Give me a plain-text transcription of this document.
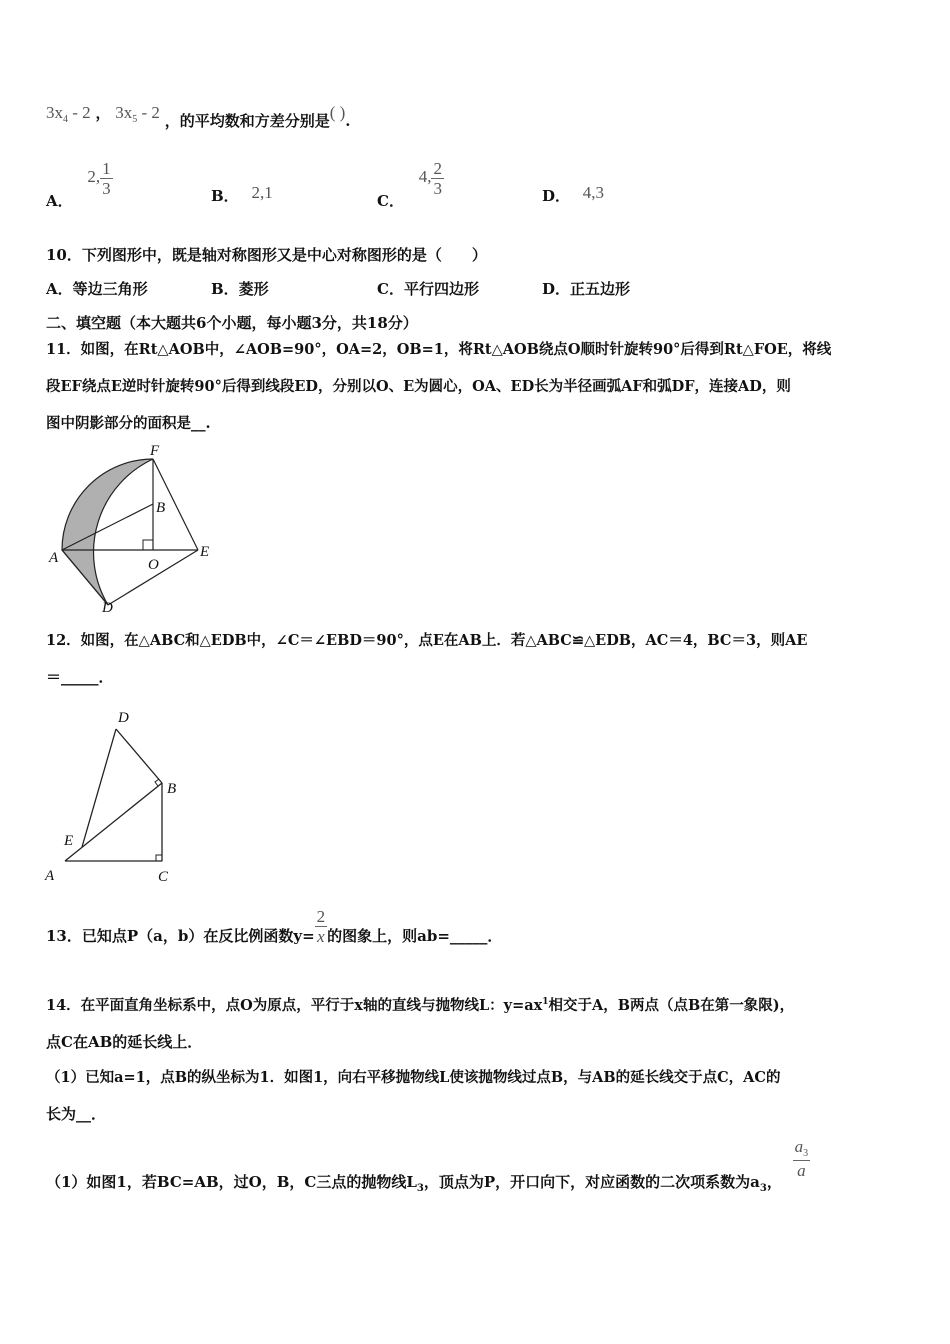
$3x_4 - 2$ ， $3x_5 - 2$ ，的平均数和方差分别是( ).
A． 2, $\frac{1}{3}$	B． 2,1	C． 4, $\frac{2}{3}$	D． 4,3
10．下列图形中，既是轴对称图形又是中心对称图形的是（　　）
A．等边三角形	B．菱形	C．平行四边形	D．正五边形
二、填空题（本大题共6个小题，每小题3分，共18分）
11．如图，在Rt△AOB中，∠AOB=90°，OA=2，OB=1，将Rt△AOB绕点O顺时针旋转90°后得到Rt△FOE，将线
段EF绕点E逆时针旋转90°后得到线段ED，分别以O、E为圆心，OA、ED长为半径画弧AF和弧DF，连接AD，则
图中阴影部分的面积是__.
F
B
A	O
E
D
12．如图，在△ABC和△EDB中，∠C＝∠EBD＝90°，点E在AB上．若△ABC≌△EDB，AC＝4，BC＝3，则AE
＝_____．
D
B
E
A	C
13．已知点P（a，b）在反比例函数$y= \frac{2}{x}$ 的图象上，则ab=_____．
14．在平面直角坐标系中，点O为原点，平行于x轴的直线与抛物线L：$y=ax^1$相交于A，B两点（点B在第一象限)，
点C在AB的延长线上．
（1）已知a=1，点B的纵坐标为1．如图1，向右平移抛物线L使该抛物线过点B，与AB的延长线交于点C，AC的
长为__．
（1）如图1，若BC=AB，过O，B，C三点的抛物线$L_3$，顶点为P，开口向下，对应函数的二次项系数为$a_3$，
$\frac{a_3}{a}$
